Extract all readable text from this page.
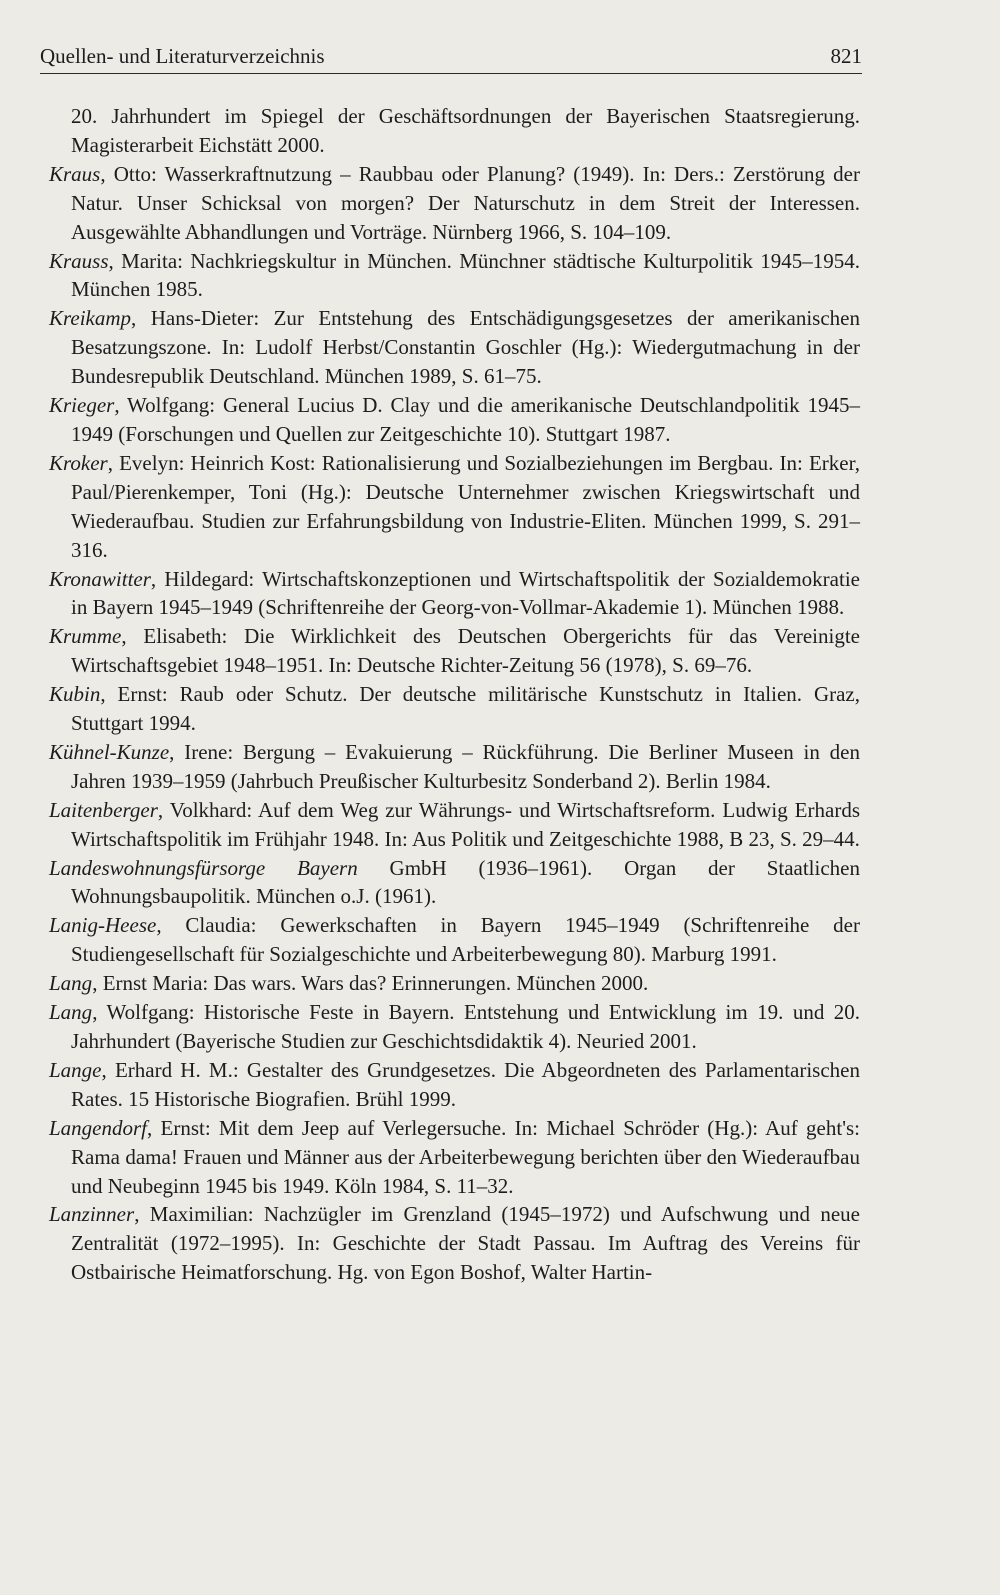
Quellen- und Literaturverzeichnis	821

20. Jahrhundert im Spiegel der Geschäftsordnungen der Bayerischen Staatsregierung. Magisterarbeit Eichstätt 2000.

Kraus, Otto: Wasserkraftnutzung – Raubbau oder Planung? (1949). In: Ders.: Zerstörung der Natur. Unser Schicksal von morgen? Der Naturschutz in dem Streit der Interessen. Ausgewählte Abhandlungen und Vorträge. Nürnberg 1966, S. 104–109.

Krauss, Marita: Nachkriegskultur in München. Münchner städtische Kulturpolitik 1945–1954. München 1985.

Kreikamp, Hans-Dieter: Zur Entstehung des Entschädigungsgesetzes der amerikanischen Besatzungszone. In: Ludolf Herbst/Constantin Goschler (Hg.): Wiedergutmachung in der Bundesrepublik Deutschland. München 1989, S. 61–75.

Krieger, Wolfgang: General Lucius D. Clay und die amerikanische Deutschlandpolitik 1945–1949 (Forschungen und Quellen zur Zeitgeschichte 10). Stuttgart 1987.

Kroker, Evelyn: Heinrich Kost: Rationalisierung und Sozialbeziehungen im Bergbau. In: Erker, Paul/Pierenkemper, Toni (Hg.): Deutsche Unternehmer zwischen Kriegswirtschaft und Wiederaufbau. Studien zur Erfahrungsbildung von Industrie-Eliten. München 1999, S. 291–316.

Kronawitter, Hildegard: Wirtschaftskonzeptionen und Wirtschaftspolitik der Sozialdemokratie in Bayern 1945–1949 (Schriftenreihe der Georg-von-Vollmar-Akademie 1). München 1988.

Krumme, Elisabeth: Die Wirklichkeit des Deutschen Obergerichts für das Vereinigte Wirtschaftsgebiet 1948–1951. In: Deutsche Richter-Zeitung 56 (1978), S. 69–76.

Kubin, Ernst: Raub oder Schutz. Der deutsche militärische Kunstschutz in Italien. Graz, Stuttgart 1994.

Kühnel-Kunze, Irene: Bergung – Evakuierung – Rückführung. Die Berliner Museen in den Jahren 1939–1959 (Jahrbuch Preußischer Kulturbesitz Sonderband 2). Berlin 1984.

Laitenberger, Volkhard: Auf dem Weg zur Währungs- und Wirtschaftsreform. Ludwig Erhards Wirtschaftspolitik im Frühjahr 1948. In: Aus Politik und Zeitgeschichte 1988, B 23, S. 29–44.

Landeswohnungsfürsorge Bayern GmbH (1936–1961). Organ der Staatlichen Wohnungsbaupolitik. München o.J. (1961).

Lanig-Heese, Claudia: Gewerkschaften in Bayern 1945–1949 (Schriftenreihe der Studiengesellschaft für Sozialgeschichte und Arbeiterbewegung 80). Marburg 1991.

Lang, Ernst Maria: Das wars. Wars das? Erinnerungen. München 2000.

Lang, Wolfgang: Historische Feste in Bayern. Entstehung und Entwicklung im 19. und 20. Jahrhundert (Bayerische Studien zur Geschichtsdidaktik 4). Neuried 2001.

Lange, Erhard H. M.: Gestalter des Grundgesetzes. Die Abgeordneten des Parlamentarischen Rates. 15 Historische Biografien. Brühl 1999.

Langendorf, Ernst: Mit dem Jeep auf Verlegersuche. In: Michael Schröder (Hg.): Auf geht's: Rama dama! Frauen und Männer aus der Arbeiterbewegung berichten über den Wiederaufbau und Neubeginn 1945 bis 1949. Köln 1984, S. 11–32.

Lanzinner, Maximilian: Nachzügler im Grenzland (1945–1972) und Aufschwung und neue Zentralität (1972–1995). In: Geschichte der Stadt Passau. Im Auftrag des Vereins für Ostbairische Heimatforschung. Hg. von Egon Boshof, Walter Hartin-
